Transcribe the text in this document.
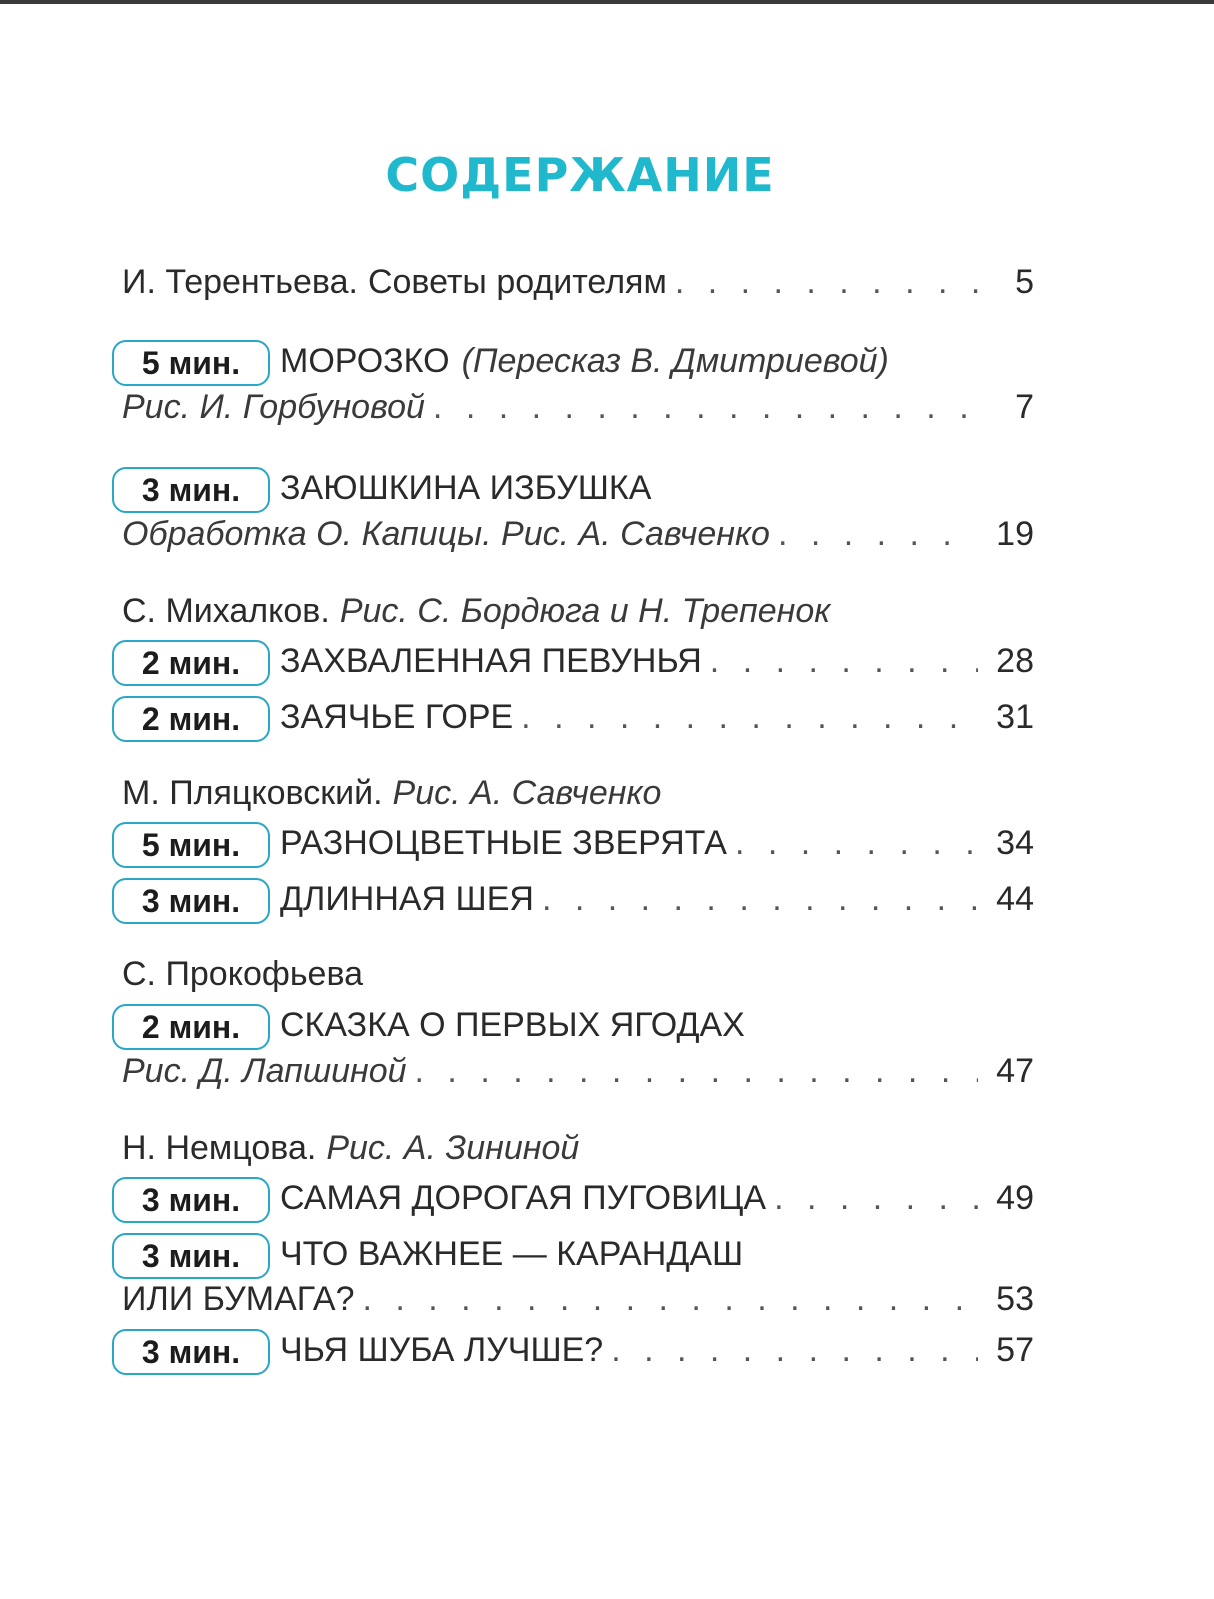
СОДЕРЖАНИЕ
И. Терентьева. Советы родителям . . .	5
5 мин.	МОРОЗКО (Пересказ В. Дмитриевой)
Рис. И. Горбуновой . . .	7
3 мин.	ЗАЮШКИНА ИЗБУШКА
Обработка О. Капицы. Рис. А. Савченко . . .	19
С. Михалков. Рис. С. Бордюга и Н. Трепенок
2 мин.	ЗАХВАЛЕННАЯ ПЕВУНЬЯ . . .	28
2 мин.	ЗАЯЧЬЕ ГОРЕ . . .	31
М. Пляцковский. Рис. А. Савченко
5 мин.	РАЗНОЦВЕТНЫЕ ЗВЕРЯТА . . .	34
3 мин.	ДЛИННАЯ ШЕЯ . . .	44
С. Прокофьева
2 мин.	СКАЗКА О ПЕРВЫХ ЯГОДАХ
Рис. Д. Лапшиной . . .	47
Н. Немцова. Рис. А. Зининой
3 мин.	САМАЯ ДОРОГАЯ ПУГОВИЦА . . .	49
3 мин.	ЧТО ВАЖНЕЕ — КАРАНДАШ
ИЛИ БУМАГА? . . .	53
3 мин.	ЧЬЯ ШУБА ЛУЧШЕ? . . .	57
